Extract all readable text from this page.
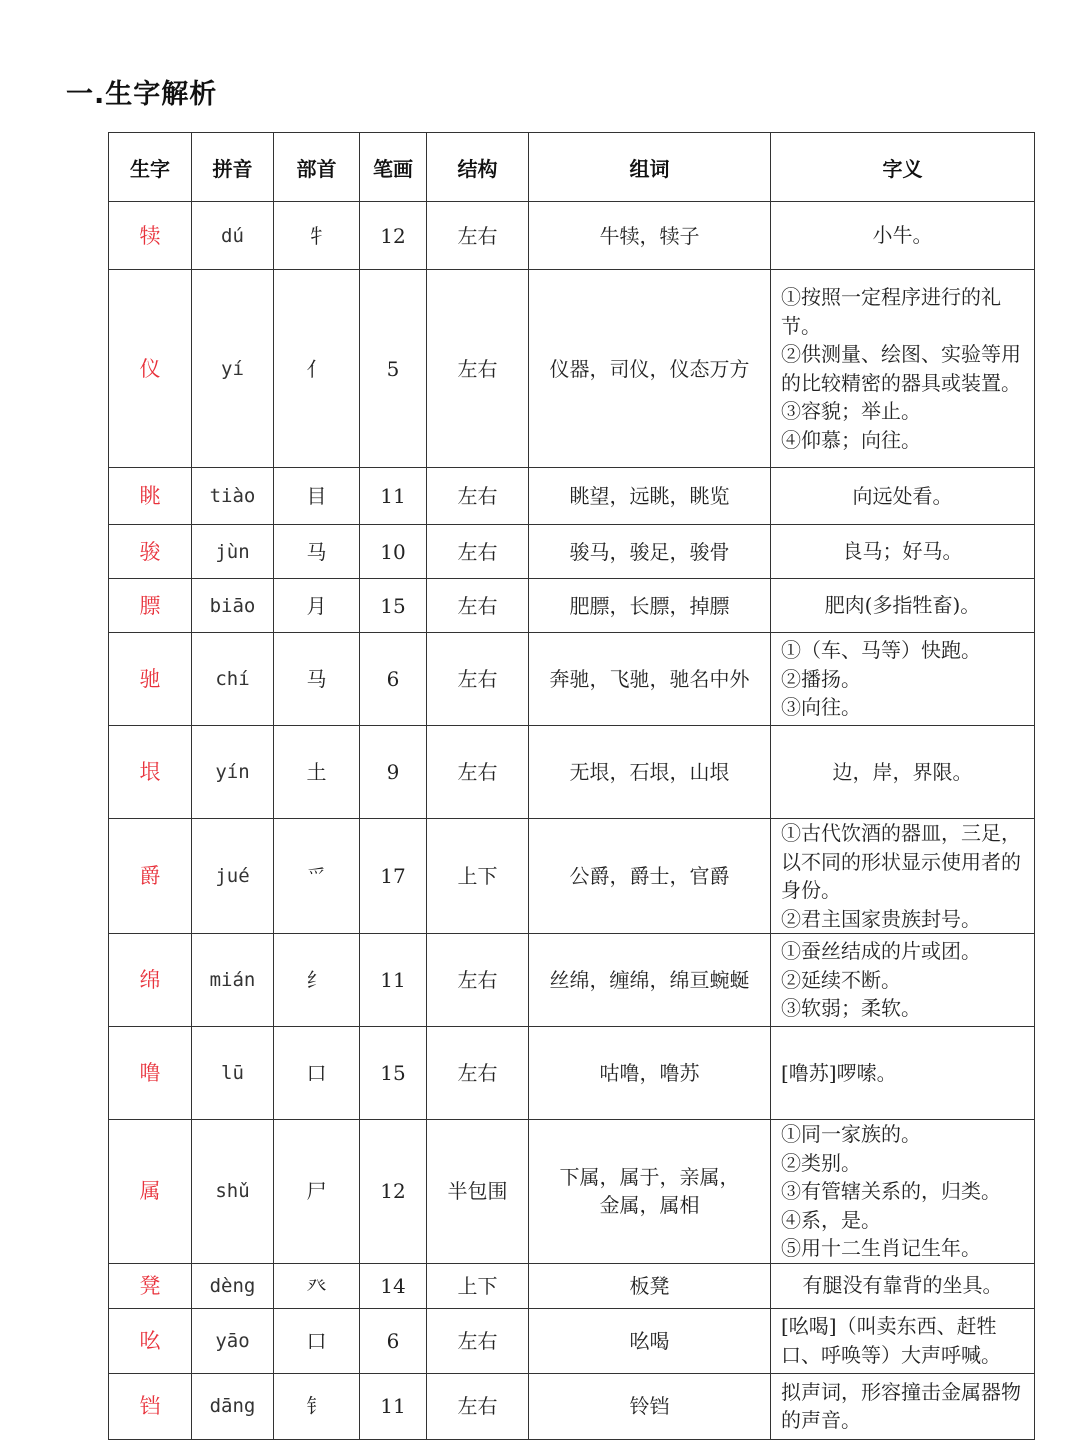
一.生字解析
生字	拼音	部首	笔画	结构	组词	字义
犊	dú	牜	12	左右	牛犊，犊子	小牛。

仪	yí	亻	5	左右	仪器，司仪，仪态万方	①按照一定程序进行的礼节。
②供测量、绘图、实验等用的比较精密的器具或装置。
③容貌；举止。
④仰慕；向往。

眺	tiào	目	11	左右	眺望，远眺，眺览	向远处看。

骏	jùn	马	10	左右	骏马，骏足，骏骨	良马；好马。

膘	biāo	月	15	左右	肥膘，长膘，掉膘	肥肉(多指牲畜)。

驰	chí	马	6	左右	奔驰，飞驰，驰名中外	①（车、马等）快跑。
②播扬。
③向往。

垠	yín	土	9	左右	无垠，石垠，山垠	边，岸，界限。

爵	jué	爫	17	上下	公爵，爵士，官爵	①古代饮酒的器皿，三足，以不同的形状显示使用者的身份。
②君主国家贵族封号。

绵	mián	纟	11	左右	丝绵，缠绵，绵亘蜿蜒	①蚕丝结成的片或团。
②延续不断。
③软弱；柔软。

噜	lū	口	15	左右	咕噜，噜苏	[噜苏]啰嗦。

属	shǔ	尸	12	半包围	下属，属于，亲属，
金属，属相	①同一家族的。
②类别。
③有管辖关系的，归类。
④系，是。
⑤用十二生肖记生年。

凳	dèng	癶	14	上下	板凳	有腿没有靠背的坐具。

吆	yāo	口	6	左右	吆喝	[吆喝]（叫卖东西、赶牲口、呼唤等）大声呼喊。

铛	dāng	钅	11	左右	铃铛	拟声词，形容撞击金属器物的声音。
